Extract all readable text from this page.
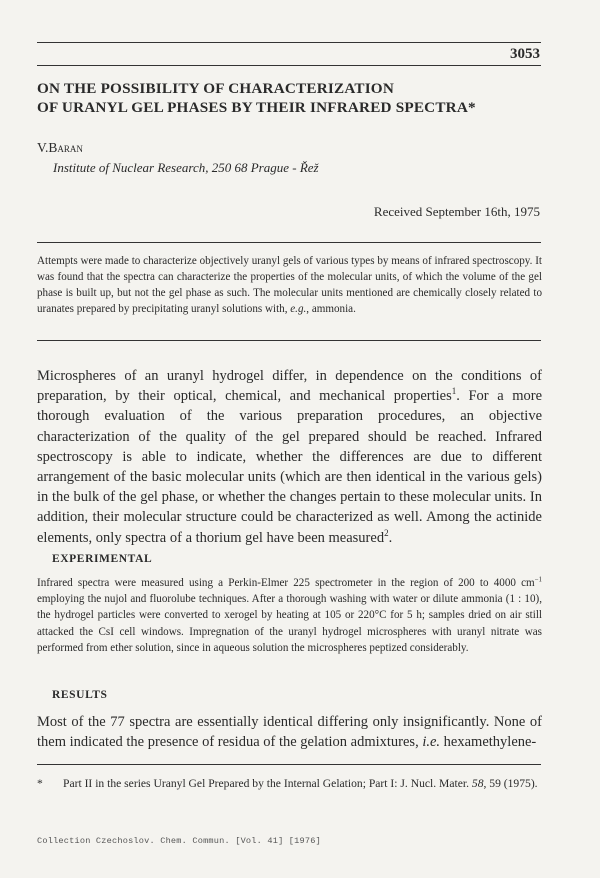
3053
ON THE POSSIBILITY OF CHARACTERIZATION
OF URANYL GEL PHASES BY THEIR INFRARED SPECTRA*
V.Baran
Institute of Nuclear Research, 250 68 Prague - Řež
Received September 16th, 1975

Attempts were made to characterize objectively uranyl gels of various types by means of infrared spectroscopy. It was found that the spectra can characterize the properties of the molecular units, of which the volume of the gel phase is built up, but not the gel phase as such. The molecular units mentioned are chemically closely related to uranates prepared by precipitating uranyl solutions with, e.g., ammonia.

Microspheres of an uranyl hydrogel differ, in dependence on the conditions of preparation, by their optical, chemical, and mechanical properties$^1$. For a more thorough evaluation of the various preparation procedures, an objective characterization of the quality of the gel prepared should be reached. Infrared spectroscopy is able to indicate, whether the differences are due to different arrangement of the basic molecular units (which are then identical in the various gels) in the bulk of the gel phase, or whether the changes pertain to these molecular units. In addition, their molecular structure could be characterized as well. Among the actinide elements, only spectra of a thorium gel have been measured$^2$.

EXPERIMENTAL

Infrared spectra were measured using a Perkin-Elmer 225 spectrometer in the region of 200 to 4000 $cm^{-1}$ employing the nujol and fluorolube techniques. After a thorough washing with water or dilute ammonia (1 : 10), the hydrogel particles were converted to xerogel by heating at 105 or 220°C for 5 h; samples dried on air still attacked the CsI cell windows. Impregnation of the uranyl hydrogel microspheres with uranyl nitrate was performed from ether solution, since in aqueous solution the microspheres peptized considerably.

RESULTS

Most of the 77 spectra are essentially identical differing only insignificantly. None of them indicated the presence of residua of the gelation admixtures, i.e. hexamethylene-

* Part II in the series Uranyl Gel Prepared by the Internal Gelation; Part I: J. Nucl. Mater. 58, 59 (1975).

Collection Czechoslov. Chem. Commun. [Vol. 41] [1976]
